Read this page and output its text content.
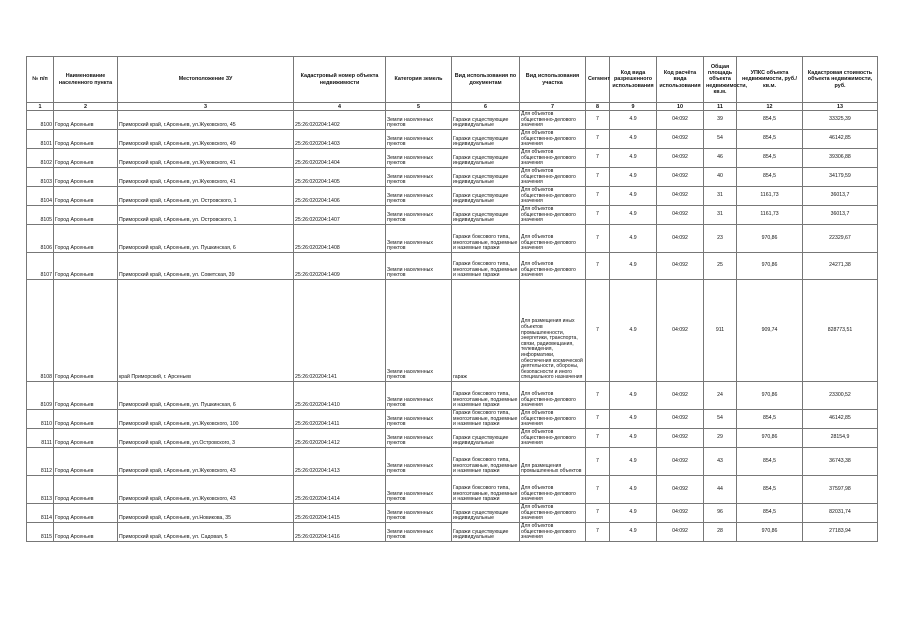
№ п/п	Наименование населенного пункта	Местоположение ЗУ	Кадастровый номер объекта недвижимости	Категория земель	Вид использования по документам	Вид использования участка	Сегмент	Код вида разрешенного использования	Код расчёта вида использования	Общая площадь объекта недвижимости, кв.м.	УПКС объекта недвижимости, руб./кв.м.	Кадастровая стоимость объекта недвижимости, руб.
1	2	3	4	5	6	7	8	9	10	11	12	13
8100	Город Арсеньев	Приморский край, г.Арсеньев, ул.Жуковского, 45	25:26:020204:1402	Земли населенных пунктов	Гаражи существующие индивидуальные	Для объектов общественно-делового значения	7	4.9	04:092	39	854,5	33325,39
8101	Город Арсеньев	Приморский край, г.Арсеньев, ул.Жуковского, 49	25:26:020204:1403	Земли населенных пунктов	Гаражи существующие индивидуальные	Для объектов общественно-делового значения	7	4.9	04:092	54	854,5	46142,85
8102	Город Арсеньев	Приморский край, г.Арсеньев, ул.Жуковского, 41	25:26:020204:1404	Земли населенных пунктов	Гаражи существующие индивидуальные	Для объектов общественно-делового значения	7	4.9	04:092	46	854,5	39306,88
8103	Город Арсеньев	Приморский край, г.Арсеньев, ул.Жуковского, 41	25:26:020204:1405	Земли населенных пунктов	Гаражи существующие индивидуальные	Для объектов общественно-делового значения	7	4.9	04:092	40	854,5	34179,59
8104	Город Арсеньев	Приморский край, г.Арсеньев, ул. Островского, 1	25:26:020204:1406	Земли населенных пунктов	Гаражи существующие индивидуальные	Для объектов общественно-делового значения	7	4.9	04:092	31	1161,73	36013,7
8105	Город Арсеньев	Приморский край, г.Арсеньев, ул. Островского, 1	25:26:020204:1407	Земли населенных пунктов	Гаражи существующие индивидуальные	Для объектов общественно-делового значения	7	4.9	04:092	31	1161,73	36013,7
8106	Город Арсеньев	Приморский край, г.Арсеньев, ул. Пушкинская, 6	25:26:020204:1408	Земли населенных пунктов	Гаражи боксового типа, многоэтажные, подземные и наземные гаражи	Для объектов общественно-делового значения	7	4.9	04:092	23	970,86	22329,67
8107	Город Арсеньев	Приморский край, г.Арсеньев, ул. Советская, 39	25:26:020204:1409	Земли населенных пунктов	Гаражи боксового типа, многоэтажные, подземные и наземные гаражи	Для объектов общественно-делового значения	7	4.9	04:092	25	970,86	24271,38
8108	Город Арсеньев	край Приморский, г. Арсеньев	25:26:020204:141	Земли населенных пунктов	гараж	Для размещения иных объектов промышленности, энергетики, транспорта, связи, радиовещания, телевидения, информатики, обеспечения космической деятельности, обороны, безопасности и иного специального назначения	7	4.9	04:092	911	909,74	828773,51
8109	Город Арсеньев	Приморский край, г.Арсеньев, ул. Пушкинская, 6	25:26:020204:1410	Земли населенных пунктов	Гаражи боксового типа, многоэтажные, подземные и наземные гаражи	Для объектов общественно-делового значения	7	4.9	04:092	24	970,86	23300,52
8110	Город Арсеньев	Приморский край, г.Арсеньев, ул.Жуковского, 100	25:26:020204:1411	Земли населенных пунктов	Гаражи боксового типа, многоэтажные, подземные и наземные гаражи	Для объектов общественно-делового значения	7	4.9	04:092	54	854,5	46142,85
8111	Город Арсеньев	Приморский край, г.Арсеньев, ул.Островского, 3	25:26:020204:1412	Земли населенных пунктов	Гаражи существующие индивидуальные	Для объектов общественно-делового значения	7	4.9	04:092	29	970,86	28154,9
8112	Город Арсеньев	Приморский край, г.Арсеньев, ул.Жуковского, 43	25:26:020204:1413	Земли населенных пунктов	Гаражи боксового типа, многоэтажные, подземные и наземные гаражи	Для размещения промышленных объектов	7	4.9	04:092	43	854,5	36743,38
8113	Город Арсеньев	Приморский край, г.Арсеньев, ул.Жуковского, 43	25:26:020204:1414	Земли населенных пунктов	Гаражи боксового типа, многоэтажные, подземные и наземные гаражи	Для объектов общественно-делового значения	7	4.9	04:092	44	854,5	37597,98
8114	Город Арсеньев	Приморский край, г.Арсеньев, ул.Новикова, 35	25:26:020204:1415	Земли населенных пунктов	Гаражи существующие индивидуальные	Для объектов общественно-делового значения	7	4.9	04:092	96	854,5	82031,74
8115	Город Арсеньев	Приморский край, г.Арсеньев, ул. Садовая, 5	25:26:020204:1416	Земли населенных пунктов	Гаражи существующие индивидуальные	Для объектов общественно-делового значения	7	4.9	04:092	28	970,86	27183,94
